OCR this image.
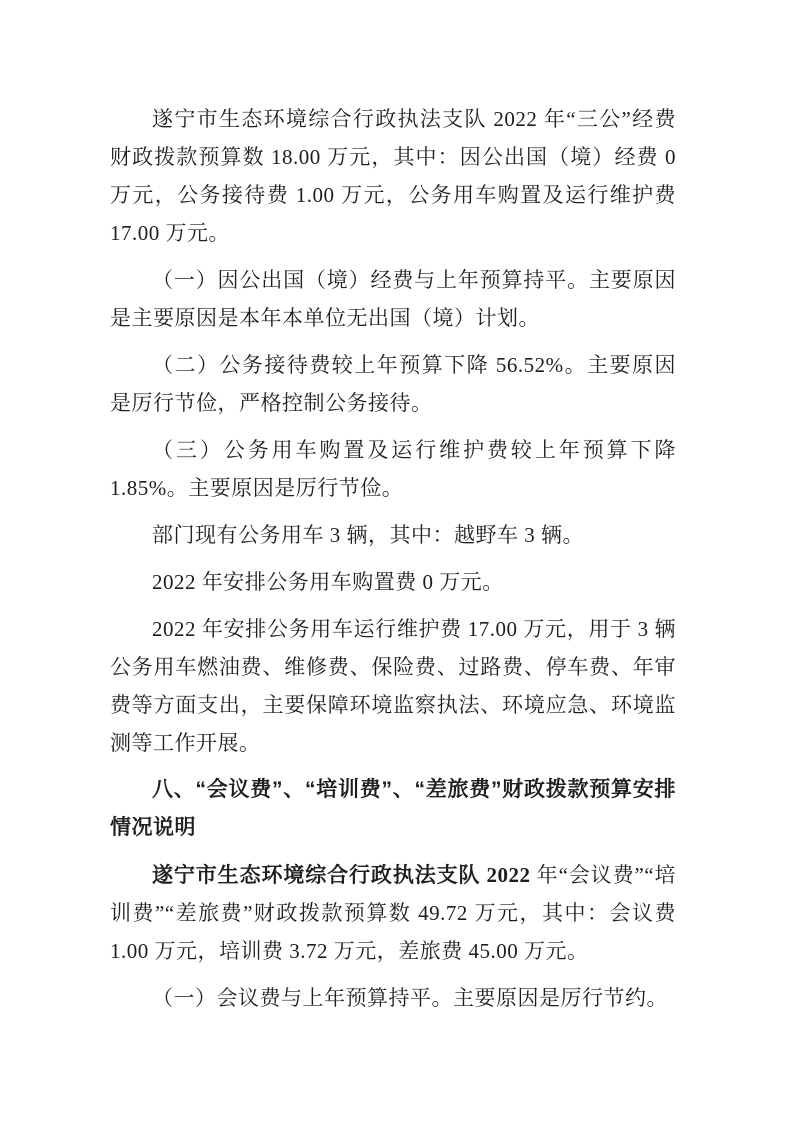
遂宁市生态环境综合行政执法支队 2022 年“三公”经费财政拨款预算数 18.00 万元，其中：因公出国（境）经费 0 万元，公务接待费 1.00 万元，公务用车购置及运行维护费 17.00 万元。

（一）因公出国（境）经费与上年预算持平。主要原因是主要原因是本年本单位无出国（境）计划。

（二）公务接待费较上年预算下降 56.52%。主要原因是厉行节俭，严格控制公务接待。

（三）公务用车购置及运行维护费较上年预算下降 1.85%。主要原因是厉行节俭。

部门现有公务用车 3 辆，其中：越野车 3 辆。

2022 年安排公务用车购置费 0 万元。

2022 年安排公务用车运行维护费 17.00 万元，用于 3 辆公务用车燃油费、维修费、保险费、过路费、停车费、年审费等方面支出，主要保障环境监察执法、环境应急、环境监测等工作开展。

八、“会议费”、“培训费”、“差旅费”财政拨款预算安排情况说明

遂宁市生态环境综合行政执法支队 2022 年“会议费”“培训费”“差旅费”财政拨款预算数 49.72 万元，其中：会议费 1.00 万元，培训费 3.72 万元，差旅费 45.00 万元。

（一）会议费与上年预算持平。主要原因是厉行节约。
